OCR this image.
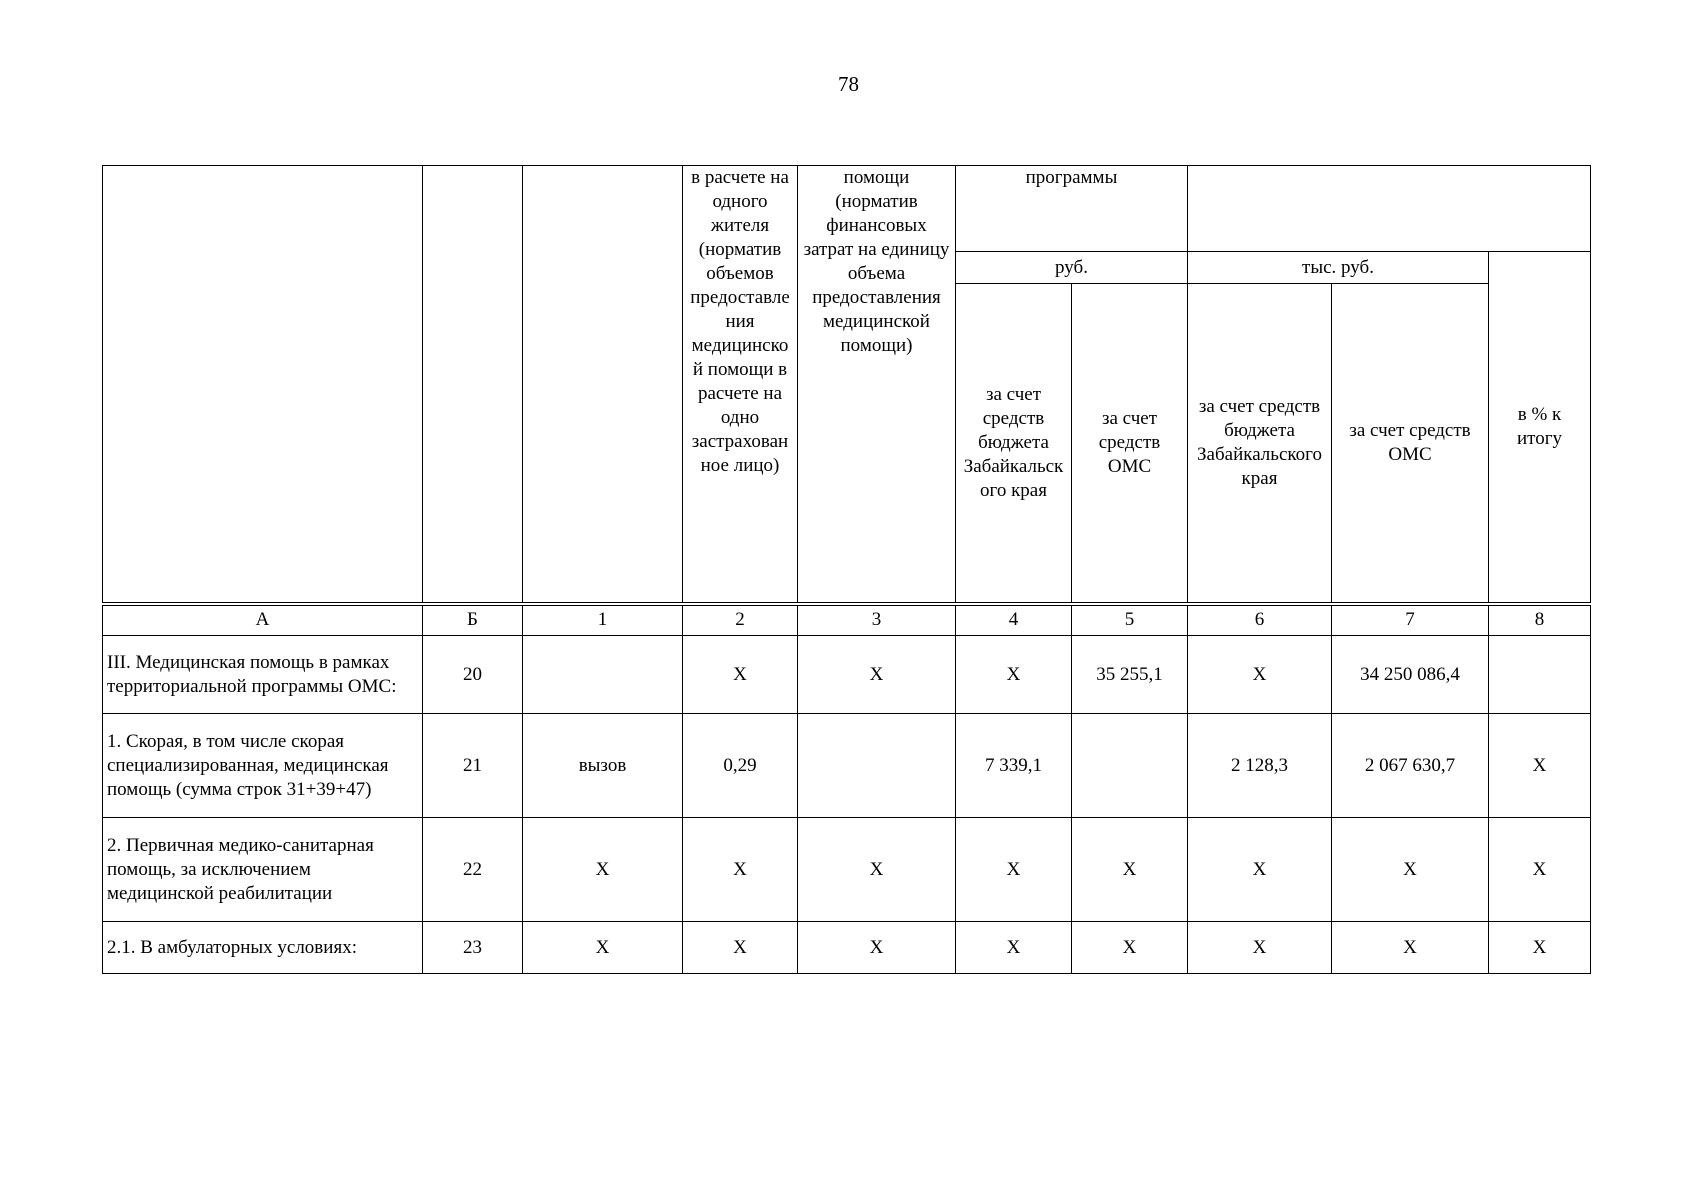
78

			в расчете на одного жителя (норматив объемов предоставления медицинской помощи в расчете на одно застрахованное лицо)	помощи (норматив финансовых затрат на единицу объема предоставления медицинской помощи)	программы				
					руб.		тыс. руб.		в % к итогу
					за счет средств бюджета Забайкальского края	за счет средств ОМС	за счет средств бюджета Забайкальского края	за счет средств ОМС	
А	Б	1	2	3	4	5	6	7	8
III. Медицинская помощь в рамках территориальной программы ОМС:	20		Х	Х	Х	35 255,1	Х	34 250 086,4	
1. Скорая, в том числе скорая специализированная, медицинская помощь (сумма строк 31+39+47)	21	вызов	0,29		7 339,1		2 128,3	2 067 630,7	Х
2. Первичная медико-санитарная помощь, за исключением медицинской реабилитации	22	Х	Х	Х	Х	Х	Х	Х	Х
2.1. В амбулаторных условиях:	23	Х	Х	Х	Х	Х	Х	Х	Х
